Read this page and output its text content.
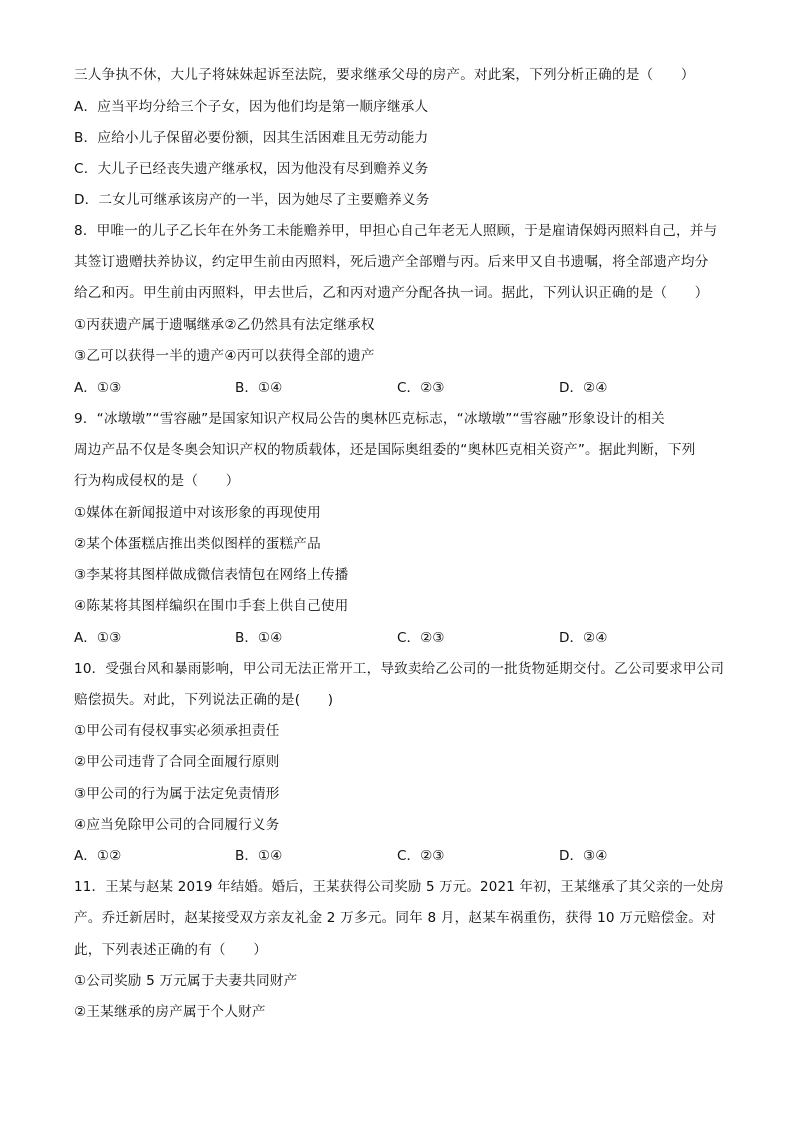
三人争执不休，大儿子将妹妹起诉至法院，要求继承父母的房产。对此案，下列分析正确的是（　　）
A．应当平均分给三个子女，因为他们均是第一顺序继承人
B．应给小儿子保留必要份额，因其生活困难且无劳动能力
C．大儿子已经丧失遗产继承权，因为他没有尽到赡养义务
D．二女儿可继承该房产的一半，因为她尽了主要赡养义务
8．甲唯一的儿子乙长年在外务工未能赡养甲，甲担心自己年老无人照顾，于是雇请保姆丙照料自己，并与
其签订遗赠扶养协议，约定甲生前由丙照料，死后遗产全部赠与丙。后来甲又自书遗嘱，将全部遗产均分
给乙和丙。甲生前由丙照料，甲去世后，乙和丙对遗产分配各执一词。据此，下列认识正确的是（　　）
①丙获遗产属于遗嘱继承②乙仍然具有法定继承权
③乙可以获得一半的遗产④丙可以获得全部的遗产
A．①③	B．①④	C．②③	D．②④
9．“冰墩墩”“雪容融”是国家知识产权局公告的奥林匹克标志，“冰墩墩”“雪容融”形象设计的相关
周边产品不仅是冬奥会知识产权的物质载体，还是国际奥组委的“奥林匹克相关资产”。据此判断，下列
行为构成侵权的是（　　）
①媒体在新闻报道中对该形象的再现使用
②某个体蛋糕店推出类似图样的蛋糕产品
③李某将其图样做成微信表情包在网络上传播
④陈某将其图样编织在围巾手套上供自己使用
A．①③	B．①④	C．②③	D．②④
10．受强台风和暴雨影响，甲公司无法正常开工，导致卖给乙公司的一批货物延期交付。乙公司要求甲公司
赔偿损失。对此，下列说法正确的是(　　)
①甲公司有侵权事实必须承担责任
②甲公司违背了合同全面履行原则
③甲公司的行为属于法定免责情形
④应当免除甲公司的合同履行义务
A．①②	B．①④	C．②③	D．③④
11．王某与赵某 2019 年结婚。婚后，王某获得公司奖励 5 万元。2021 年初，王某继承了其父亲的一处房
产。乔迁新居时，赵某接受双方亲友礼金 2 万多元。同年 8 月，赵某车祸重伤，获得 10 万元赔偿金。对
此，下列表述正确的有（　　）
①公司奖励 5 万元属于夫妻共同财产
②王某继承的房产属于个人财产
